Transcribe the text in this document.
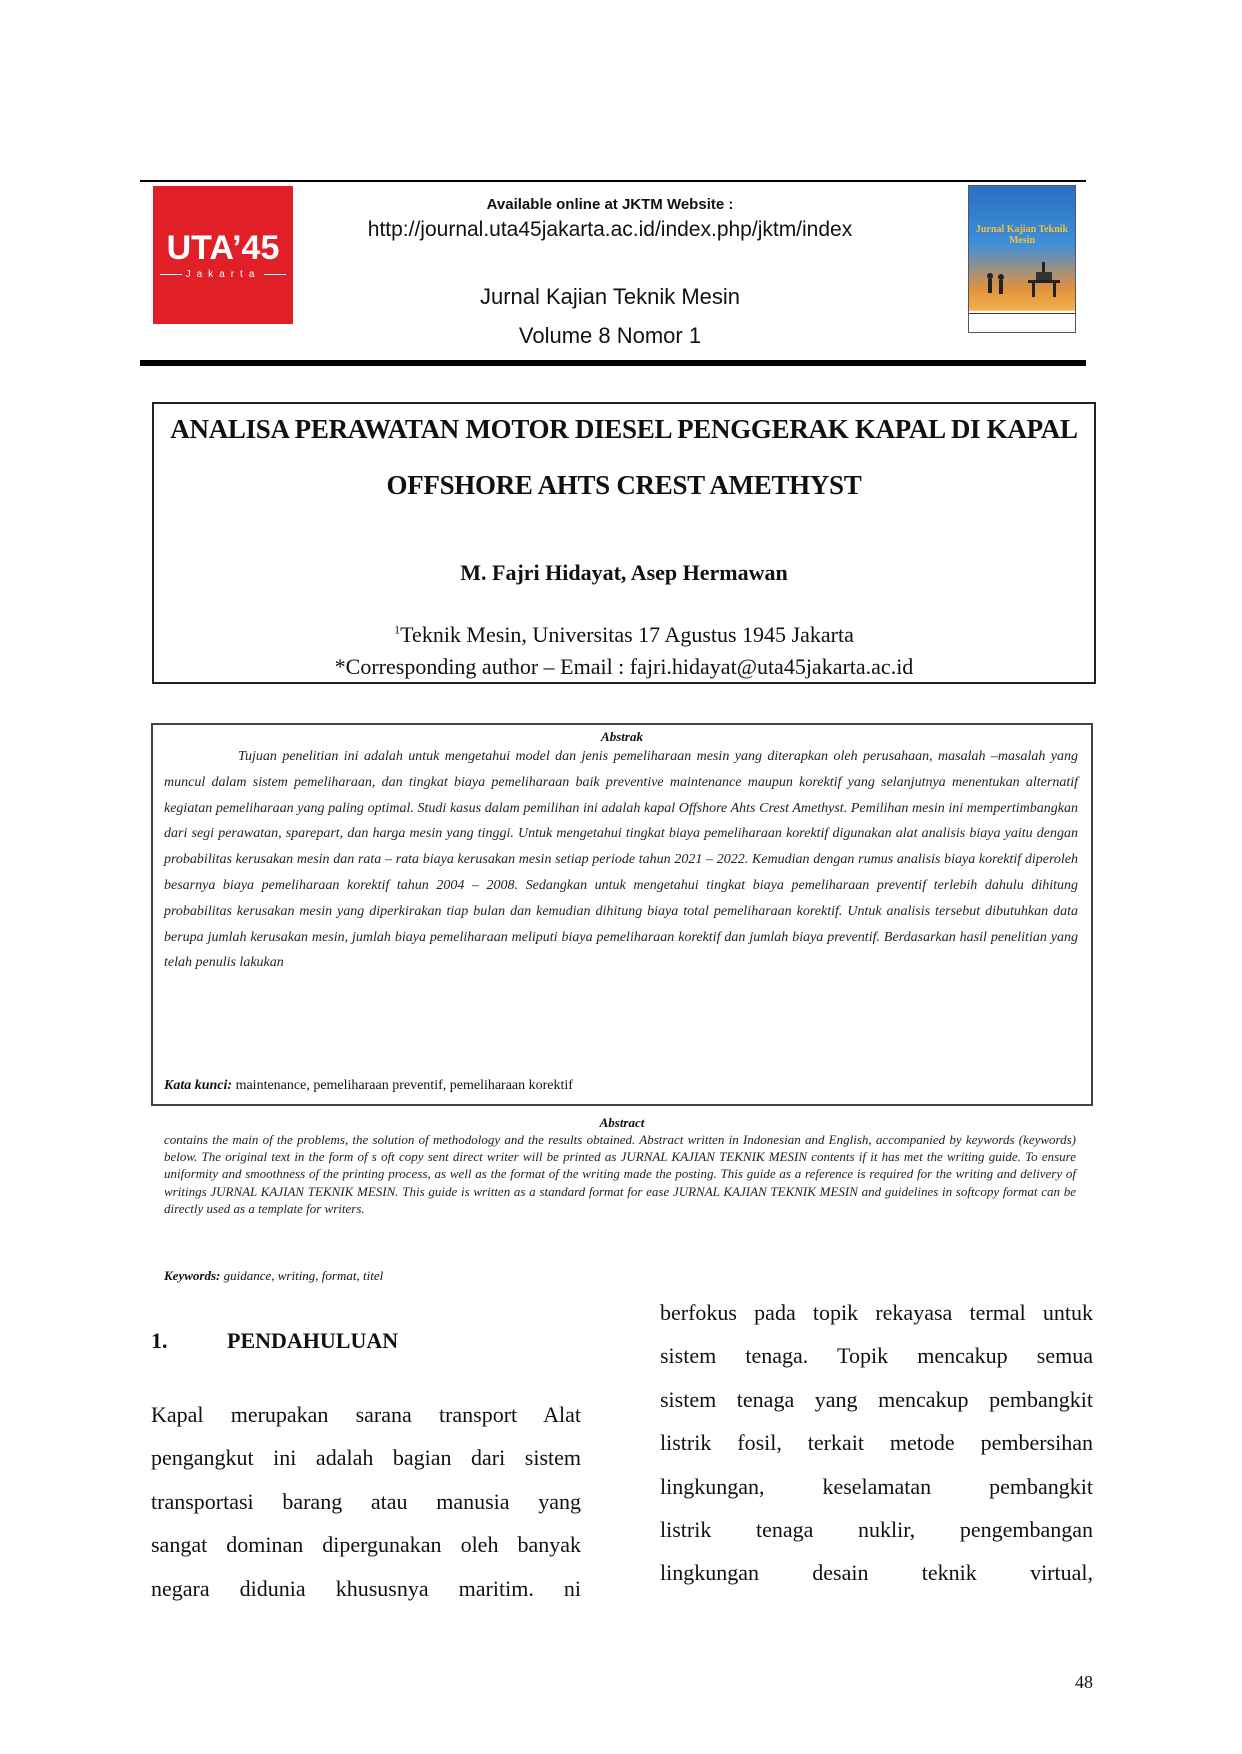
UTA’45
Jakarta
Available online at JKTM Website :
http://journal.uta45jakarta.ac.id/index.php/jktm/index
Jurnal Kajian Teknik Mesin
Volume 8 Nomor 1
Jurnal Kajian Teknik Mesin
ANALISA PERAWATAN MOTOR DIESEL PENGGERAK KAPAL DI KAPAL
OFFSHORE AHTS CREST AMETHYST
M. Fajri Hidayat, Asep Hermawan
$^1$Teknik Mesin, Universitas 17 Agustus 1945 Jakarta
*Corresponding author – Email : fajri.hidayat@uta45jakarta.ac.id
Abstrak
Tujuan penelitian ini adalah untuk mengetahui model dan jenis pemeliharaan mesin yang diterapkan oleh perusahaan, masalah –masalah yang muncul dalam sistem pemeliharaan, dan tingkat biaya pemeliharaan baik preventive maintenance maupun korektif yang selanjutnya menentukan alternatif kegiatan pemeliharaan yang paling optimal. Studi kasus dalam pemilihan ini adalah kapal Offshore Ahts Crest Amethyst. Pemilihan mesin ini mempertimbangkan dari segi perawatan, sparepart, dan harga mesin yang tinggi. Untuk mengetahui tingkat biaya pemeliharaan korektif digunakan alat analisis biaya yaitu dengan probabilitas kerusakan mesin dan rata – rata biaya kerusakan mesin setiap periode tahun 2021 – 2022. Kemudian dengan rumus analisis biaya korektif diperoleh besarnya biaya pemeliharaan korektif tahun 2004 – 2008. Sedangkan untuk mengetahui tingkat biaya pemeliharaan preventif terlebih dahulu dihitung probabilitas kerusakan mesin yang diperkirakan tiap bulan dan kemudian dihitung biaya total pemeliharaan korektif. Untuk analisis tersebut dibutuhkan data berupa jumlah kerusakan mesin, jumlah biaya pemeliharaan meliputi biaya pemeliharaan korektif dan jumlah biaya preventif. Berdasarkan hasil penelitian yang telah penulis lakukan
Kata kunci: maintenance, pemeliharaan preventif, pemeliharaan korektif
Abstract
contains the main of the problems, the solution of methodology and the results obtained. Abstract written in Indonesian and English, accompanied by keywords (keywords) below. The original text in the form of s oft copy sent direct writer will be printed as JURNAL KAJIAN TEKNIK MESIN contents if it has met the writing guide. To ensure uniformity and smoothness of the printing process, as well as the format of the writing made the posting. This guide as a reference is required for the writing and delivery of writings JURNAL KAJIAN TEKNIK MESIN. This guide is written as a standard format for ease JURNAL KAJIAN TEKNIK MESIN and guidelines in softcopy format can be directly used as a template for writers.
Keywords: guidance, writing, format, titel
1.	PENDAHULUAN
Kapal merupakan sarana transport Alat
pengangkut ini adalah bagian dari sistem
transportasi barang atau manusia yang
sangat dominan dipergunakan oleh banyak
negara didunia khususnya maritim. ni
berfokus pada topik rekayasa termal untuk
sistem tenaga. Topik mencakup semua
sistem tenaga yang mencakup pembangkit
listrik fosil, terkait metode pembersihan
lingkungan, keselamatan pembangkit
listrik tenaga nuklir, pengembangan
lingkungan desain teknik virtual,
48
